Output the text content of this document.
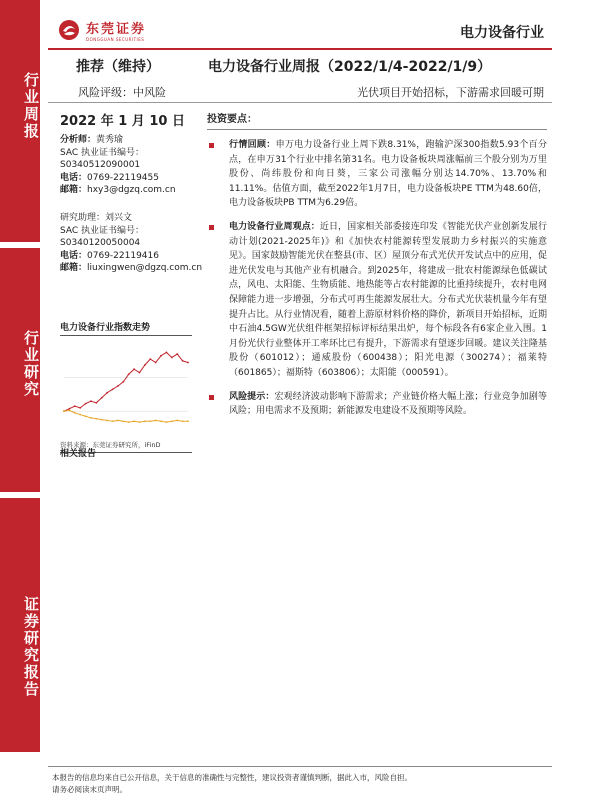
行业周报
行业研究
证券研究报告
东莞证券
DONGGUAN SECURITIES	电力设备行业
推荐（维持）	电力设备行业周报（2022/1/4-2022/1/9）
风险评级：中风险	光伏项目开始招标，下游需求回暖可期
2022 年 1 月 10 日
分析师：黄秀瑜
SAC 执业证书编号：
S0340512090001
电话：0769-22119455
邮箱：hxy3@dgzq.com.cn
研究助理：刘兴文
SAC 执业证书编号：
S0340120050004
电话：0769-22119416
邮箱：liuxingwen@dgzq.com.cn
电力设备行业指数走势
资料来源：东莞证券研究所，iFinD
相关报告
投资要点：
行情回顾：申万电力设备行业上周下跌8.31%，跑输沪深300指数5.93个百分点，在申万31个行业中排名第31名。电力设备板块周涨幅前三个股分别为万里股份、尚纬股份和向日葵，三家公司涨幅分别达14.70%、13.70%和11.11%。估值方面，截至2022年1月7日，电力设备板块PE TTM为48.60倍，电力设备板块PB TTM为6.29倍。
电力设备行业周观点：近日，国家相关部委接连印发《智能光伏产业创新发展行动计划(2021-2025年)》和《加快农村能源转型发展助力乡村振兴的实施意见》。国家鼓励智能光伏在整县(市、区）屋顶分布式光伏开发试点中的应用，促进光伏发电与其他产业有机融合。到2025年，将建成一批农村能源绿色低碳试点，风电、太阳能、生物质能、地热能等占农村能源的比重持续提升，农村电网保障能力进一步增强，分布式可再生能源发展壮大。分布式光伏装机量今年有望提升占比。从行业情况看，随着上游原材料价格的降价，新项目开始招标，近期中石油4.5GW光伏组件框架招标评标结果出炉，每个标段各有6家企业入围。1月份光伏行业整体开工率环比已有提升，下游需求有望逐步回暖。建议关注隆基股份（601012）；通威股份（600438）；阳光电源（300274）；福莱特（601865）；福斯特（603806）；太阳能（000591）。
风险提示：宏观经济波动影响下游需求；产业链价格大幅上涨；行业竞争加剧等风险；用电需求不及预期；新能源发电建设不及预期等风险。
本报告的信息均来自已公开信息，关于信息的准确性与完整性，建议投资者谨慎判断，据此入市，风险自担。
请务必阅读末页声明。
